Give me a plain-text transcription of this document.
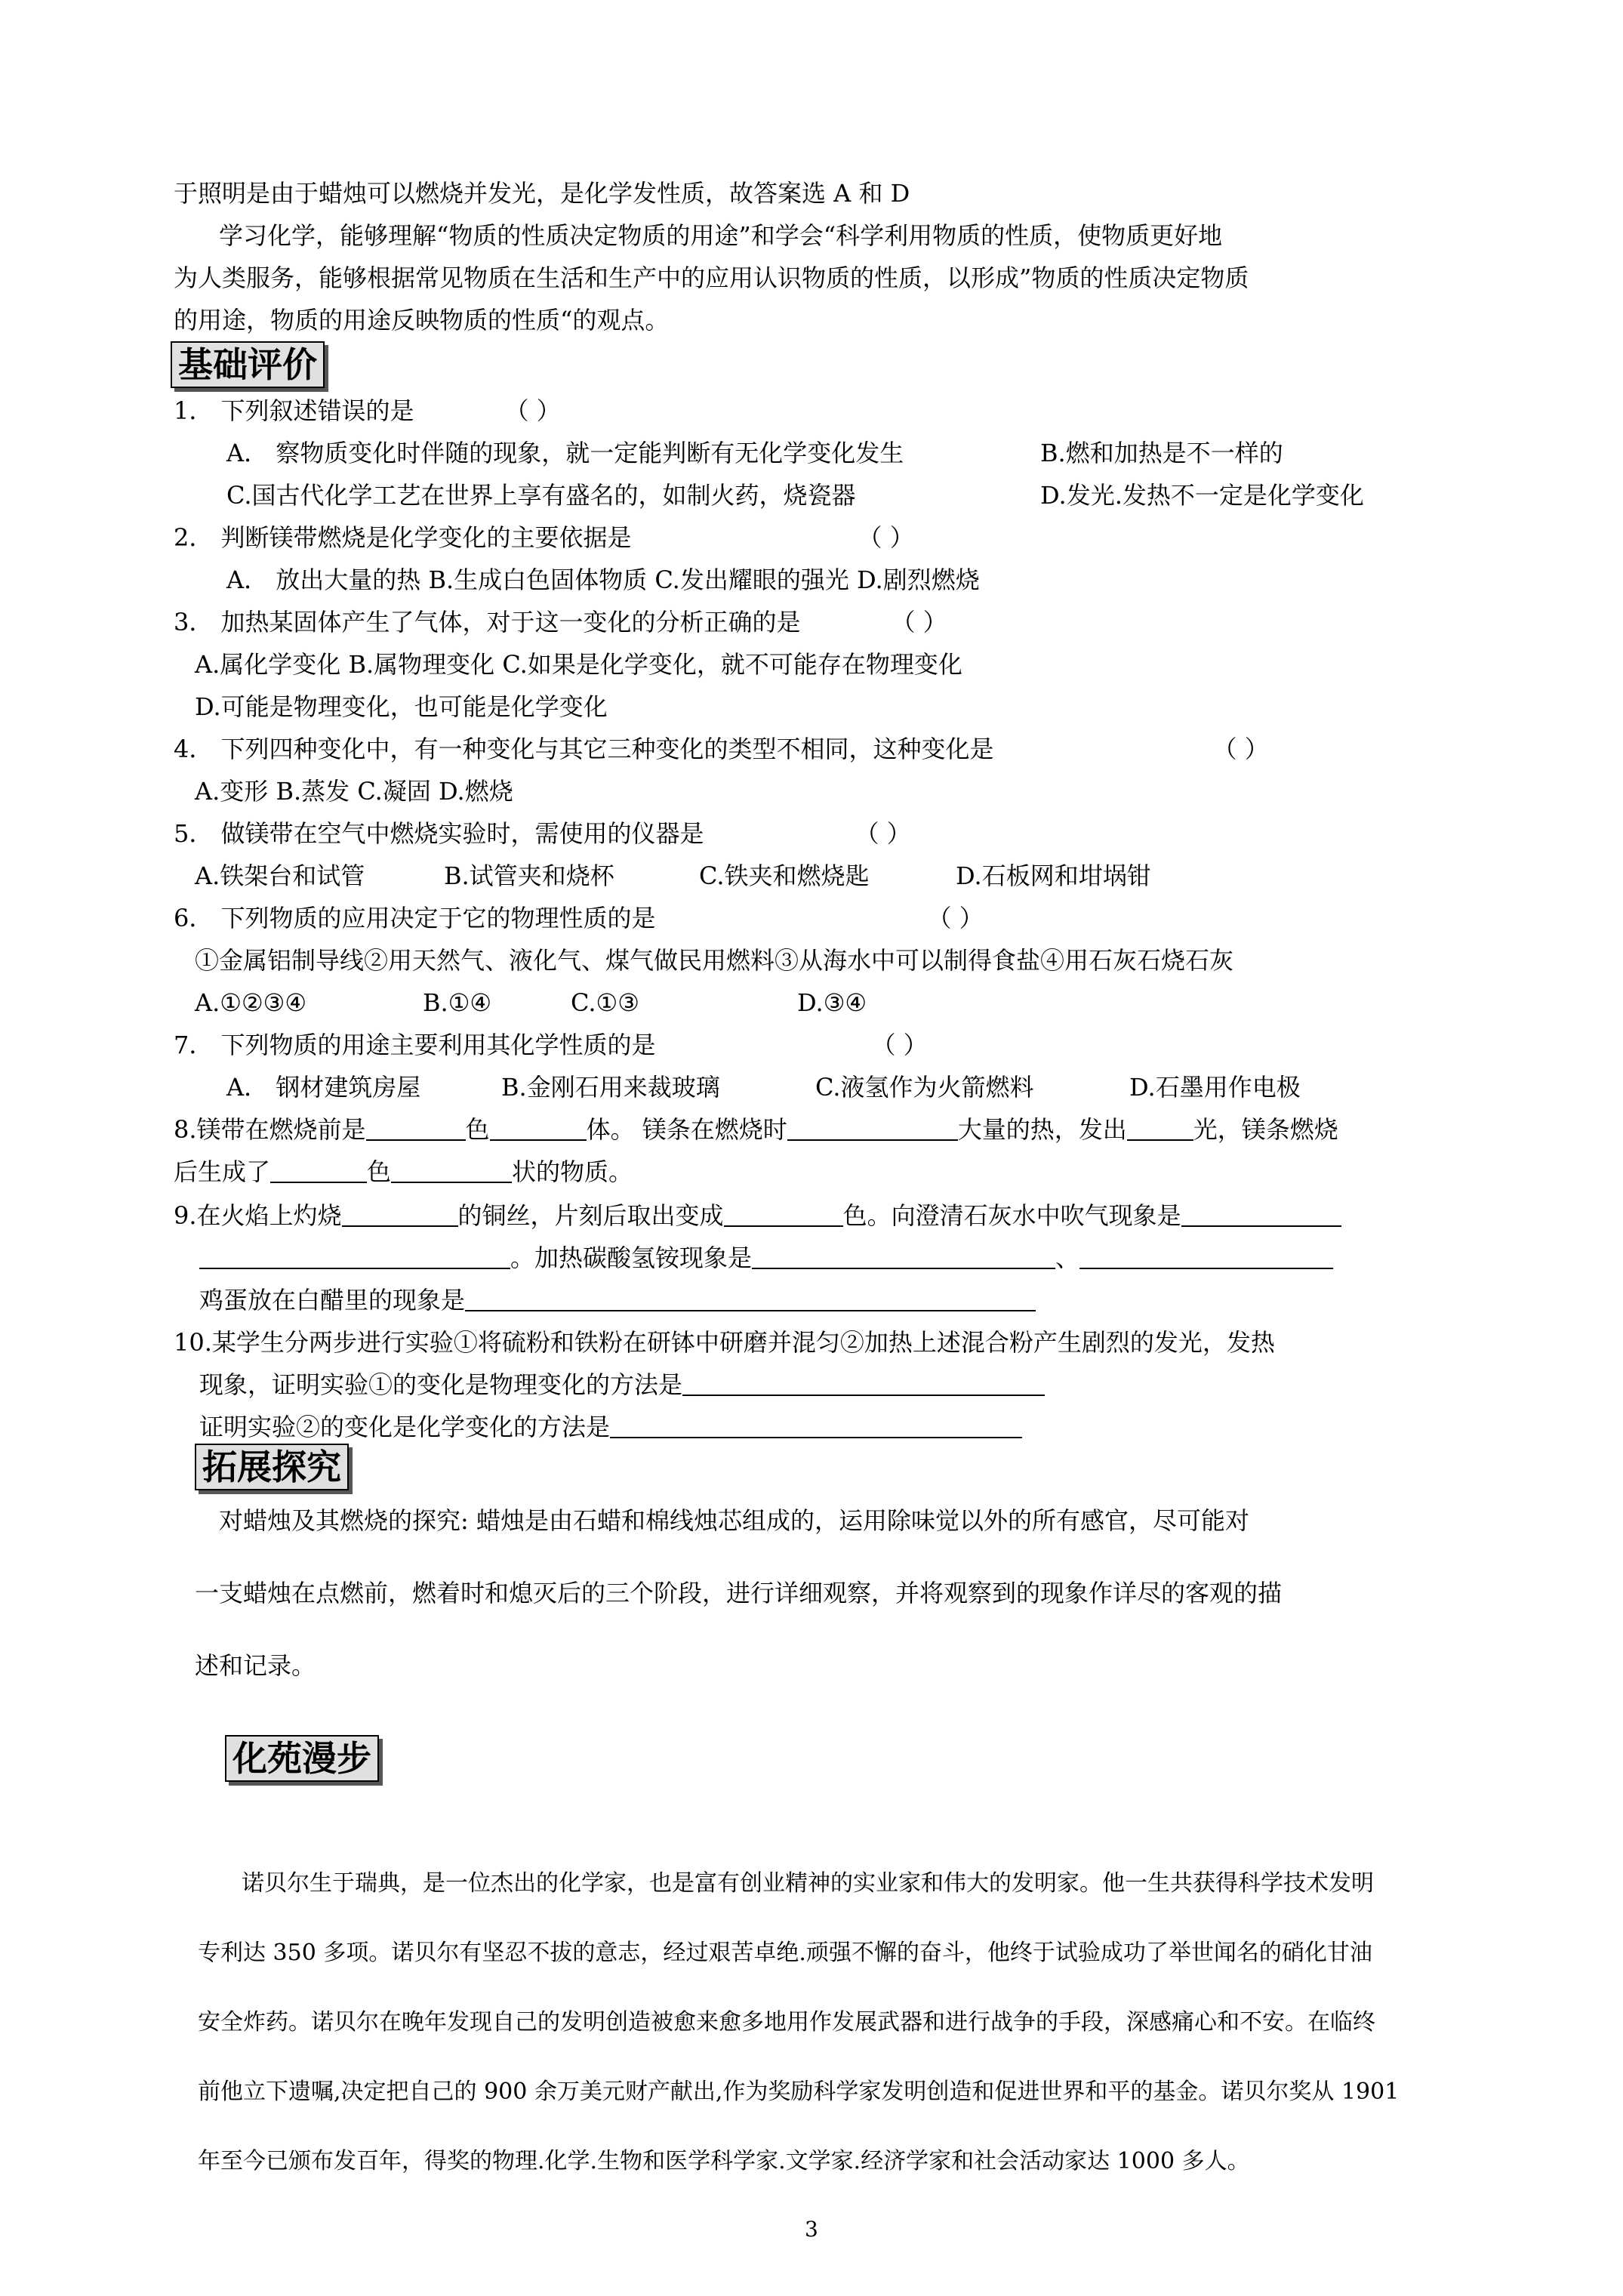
于照明是由于蜡烛可以燃烧并发光，是化学发性质，故答案选 A 和 D
学习化学，能够理解“物质的性质决定物质的用途”和学会“科学利用物质的性质，使物质更好地
为人类服务，能够根据常见物质在生活和生产中的应用认识物质的性质，以形成”物质的性质决定物质
的用途，物质的用途反映物质的性质“的观点。
基础评价
1． 下列叙述错误的是	（ ）
A． 察物质变化时伴随的现象，就一定能判断有无化学变化发生	B.燃和加热是不一样的
C.国古代化学工艺在世界上享有盛名的，如制火药，烧瓷器	D.发光.发热不一定是化学变化
2． 判断镁带燃烧是化学变化的主要依据是	（ ）
A． 放出大量的热 B.生成白色固体物质 C.发出耀眼的强光 D.剧烈燃烧
3． 加热某固体产生了气体，对于这一变化的分析正确的是	（ ）
A.属化学变化 B.属物理变化 C.如果是化学变化，就不可能存在物理变化
D.可能是物理变化，也可能是化学变化
4． 下列四种变化中，有一种变化与其它三种变化的类型不相同，这种变化是	（ ）
A.变形 B.蒸发 C.凝固 D.燃烧
5． 做镁带在空气中燃烧实验时，需使用的仪器是	（ ）
A.铁架台和试管	B.试管夹和烧杯	C.铁夹和燃烧匙	D.石板网和坩埚钳
6． 下列物质的应用决定于它的物理性质的是	（ ）
①金属铝制导线②用天然气、液化气、煤气做民用燃料③从海水中可以制得食盐④用石灰石烧石灰
A.①②③④	B.①④	C.①③	D.③④
7． 下列物质的用途主要利用其化学性质的是	（ ）
A． 钢材建筑房屋	B.金刚石用来裁玻璃	C.液氢作为火箭燃料	D.石墨用作电极
8.镁带在燃烧前是	色	体。 镁条在燃烧时	大量的热，发出	光，镁条燃烧
后生成了	色	状的物质。
9.在火焰上灼烧	的铜丝，片刻后取出变成	色。向澄清石灰水中吹气现象是
。加热碳酸氢铵现象是	、
鸡蛋放在白醋里的现象是
10.某学生分两步进行实验①将硫粉和铁粉在研钵中研磨并混匀②加热上述混合粉产生剧烈的发光，发热
现象，证明实验①的变化是物理变化的方法是
证明实验②的变化是化学变化的方法是
拓展探究
对蜡烛及其燃烧的探究: 蜡烛是由石蜡和棉线烛芯组成的，运用除味觉以外的所有感官，尽可能对
一支蜡烛在点燃前，燃着时和熄灭后的三个阶段，进行详细观察，并将观察到的现象作详尽的客观的描
述和记录。
化苑漫步
诺贝尔生于瑞典，是一位杰出的化学家，也是富有创业精神的实业家和伟大的发明家。他一生共获得科学技术发明
专利达 350 多项。诺贝尔有坚忍不拔的意志，经过艰苦卓绝.顽强不懈的奋斗，他终于试验成功了举世闻名的硝化甘油
安全炸药。诺贝尔在晚年发现自己的发明创造被愈来愈多地用作发展武器和进行战争的手段，深感痛心和不安。在临终
前他立下遗嘱,决定把自己的 900 余万美元财产献出,作为奖励科学家发明创造和促进世界和平的基金。诺贝尔奖从 1901
年至今已颁布发百年，得奖的物理.化学.生物和医学科学家.文学家.经济学家和社会活动家达 1000 多人。
3
